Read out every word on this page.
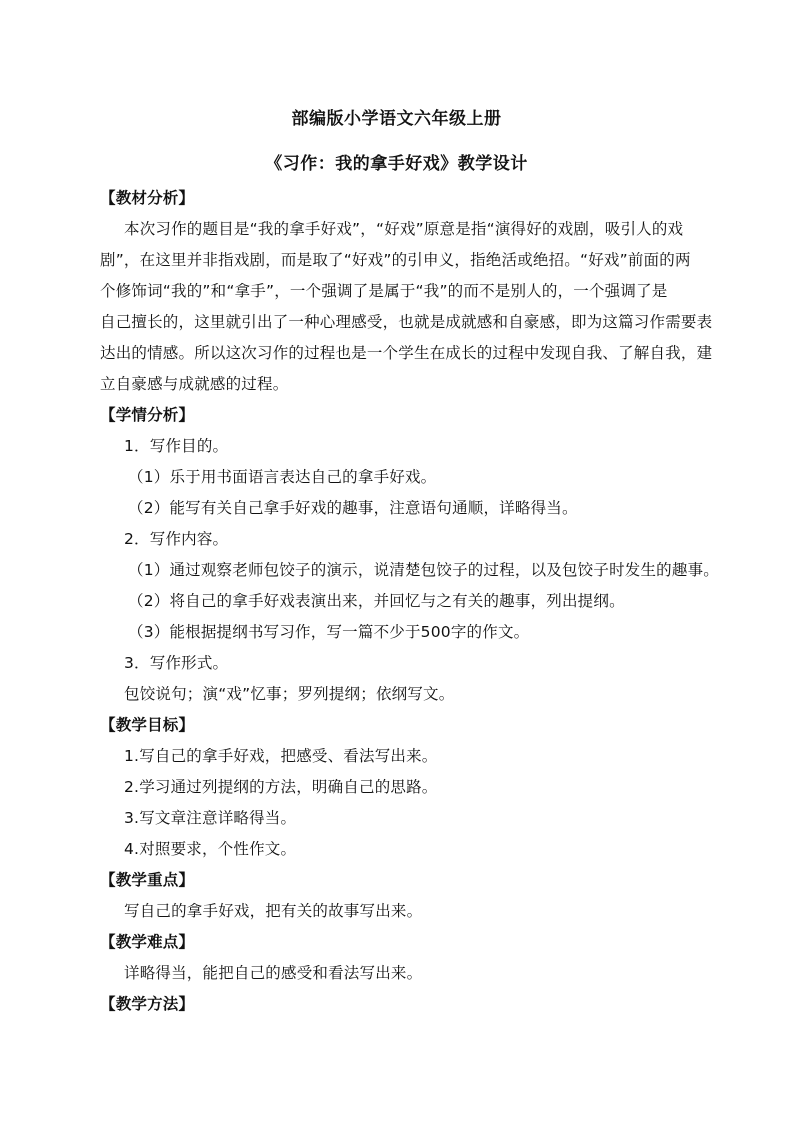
部编版小学语文六年级上册
《习作：我的拿手好戏》教学设计
【教材分析】
本次习作的题目是“我的拿手好戏”，“好戏”原意是指“演得好的戏剧，吸引人的戏
剧”，在这里并非指戏剧，而是取了“好戏”的引申义，指绝活或绝招。“好戏”前面的两
个修饰词“我的”和“拿手”，一个强调了是属于“我”的而不是别人的，一个强调了是
自己擅长的，这里就引出了一种心理感受，也就是成就感和自豪感，即为这篇习作需要表
达出的情感。所以这次习作的过程也是一个学生在成长的过程中发现自我、了解自我，建
立自豪感与成就感的过程。
【学情分析】
1．写作目的。
（1）乐于用书面语言表达自己的拿手好戏。
（2）能写有关自己拿手好戏的趣事，注意语句通顺，详略得当。
2．写作内容。
（1）通过观察老师包饺子的演示，说清楚包饺子的过程，以及包饺子时发生的趣事。
（2）将自己的拿手好戏表演出来，并回忆与之有关的趣事，列出提纲。
（3）能根据提纲书写习作，写一篇不少于500字的作文。
3．写作形式。
包饺说句；演“戏”忆事；罗列提纲；依纲写文。
【教学目标】
1.写自己的拿手好戏，把感受、看法写出来。
2.学习通过列提纲的方法，明确自己的思路。
3.写文章注意详略得当。
4.对照要求，个性作文。
【教学重点】
写自己的拿手好戏，把有关的故事写出来。
【教学难点】
详略得当，能把自己的感受和看法写出来。
【教学方法】
